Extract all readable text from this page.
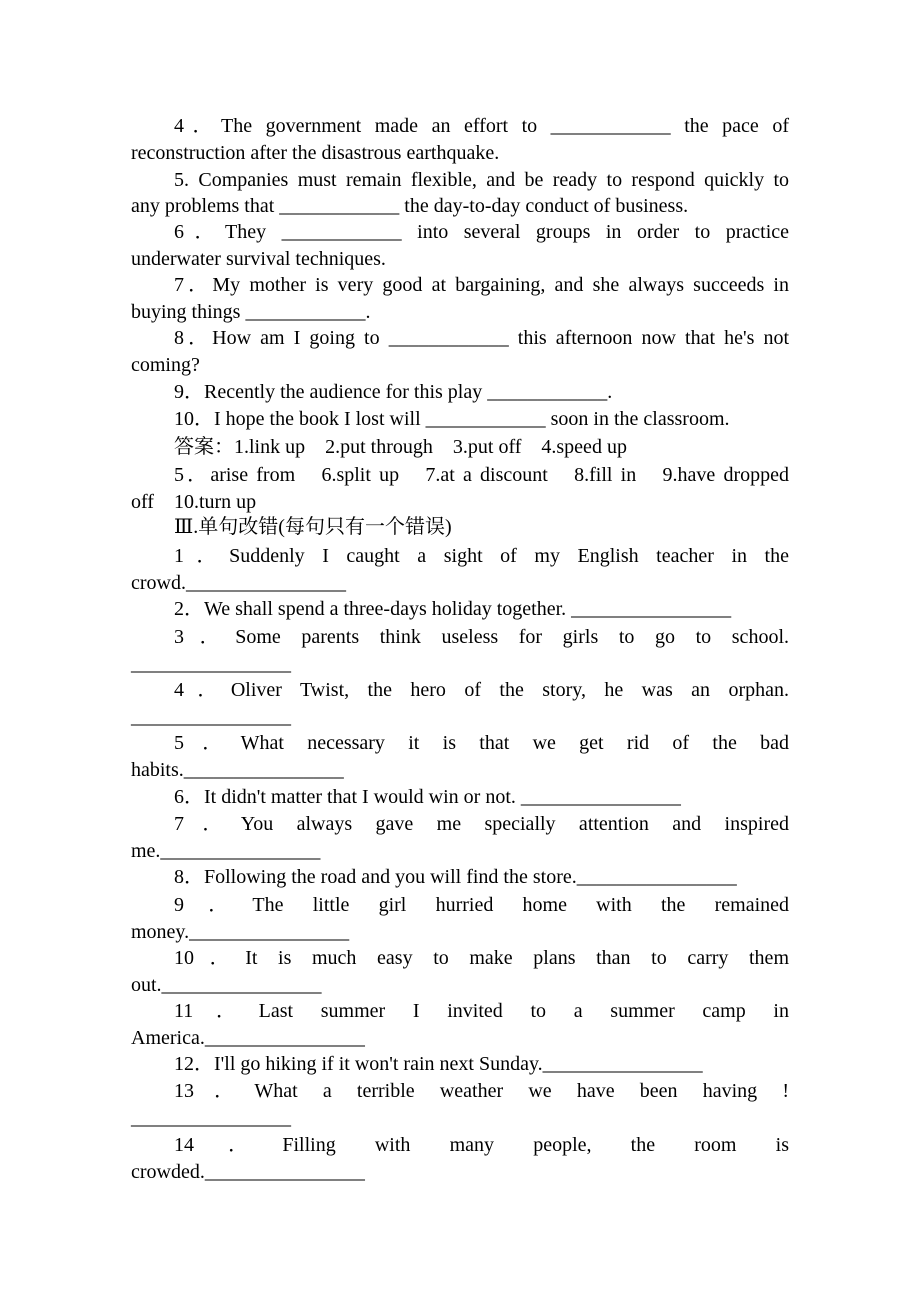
4．The government made an effort to ____________ the pace of
reconstruction after the disastrous earthquake.
5. Companies must remain flexible, and be ready to respond quickly to
any problems that ____________ the day-to-day conduct of business.
6．They ____________ into several groups in order to practice
underwater survival techniques.
7．My mother is very good at bargaining, and she always succeeds in
buying things ____________.
8．How am I going to ____________ this afternoon now that he's not
coming?
9．Recently the audience for this play ____________.
10．I hope the book I lost will ____________ soon in the classroom.
答案：1.link up　2.put through　3.put off　4.speed up
5．arise from　6.split up　7.at a discount　8.fill in　9.have dropped
off　10.turn up
Ⅲ.单句改错(每句只有一个错误)
1．Suddenly I caught a sight of my English teacher in the
crowd.________________
2．We shall spend a three-days holiday together. ________________
3．Some parents think useless for girls to go to school.
________________
4．Oliver Twist, the hero of the story, he was an orphan.
________________
5．What necessary it is that we get rid of the bad
habits.________________
6．It didn't matter that I would win or not. ________________
7．You always gave me specially attention and inspired
me.________________
8．Following the road and you will find the store.________________
9．The little girl hurried home with the remained
money.________________
10．It is much easy to make plans than to carry them
out.________________
11．Last summer I invited to a summer camp in
America.________________
12．I'll go hiking if it won't rain next Sunday.________________
13．What a terrible weather we have been having !
________________
14．Filling with many people, the room is
crowded.________________
